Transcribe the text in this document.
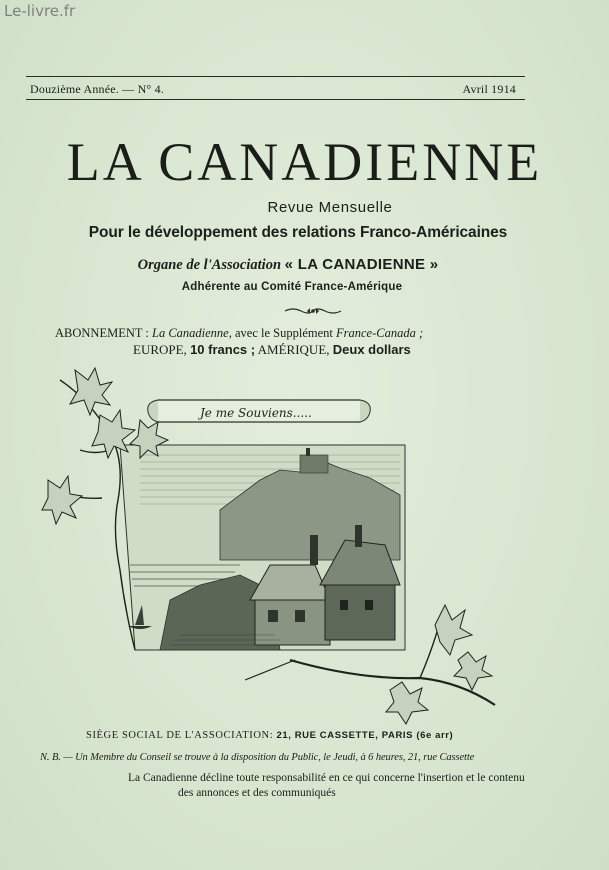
Le-livre.fr
Douzième Année. — N° 4.	Avril 1914
LA CANADIENNE
Revue Mensuelle
Pour le développement des relations Franco-Américaines
Organe de l'Association « LA CANADIENNE »
Adhérente au Comité France-Amérique
ABONNEMENT : La Canadienne, avec le Supplément France-Canada ;
EUROPE, 10 francs ; AMÉRIQUE, Deux dollars
Je me Souviens.....
SIÈGE SOCIAL DE L'ASSOCIATION: 21, RUE CASSETTE, PARIS (6e arr)
N. B. — Un Membre du Conseil se trouve à la disposition du Public, le Jeudi, à 6 heures, 21, rue Cassette
La Canadienne décline toute responsabilité en ce qui concerne l'insertion et le contenu
des annonces et des communiqués
